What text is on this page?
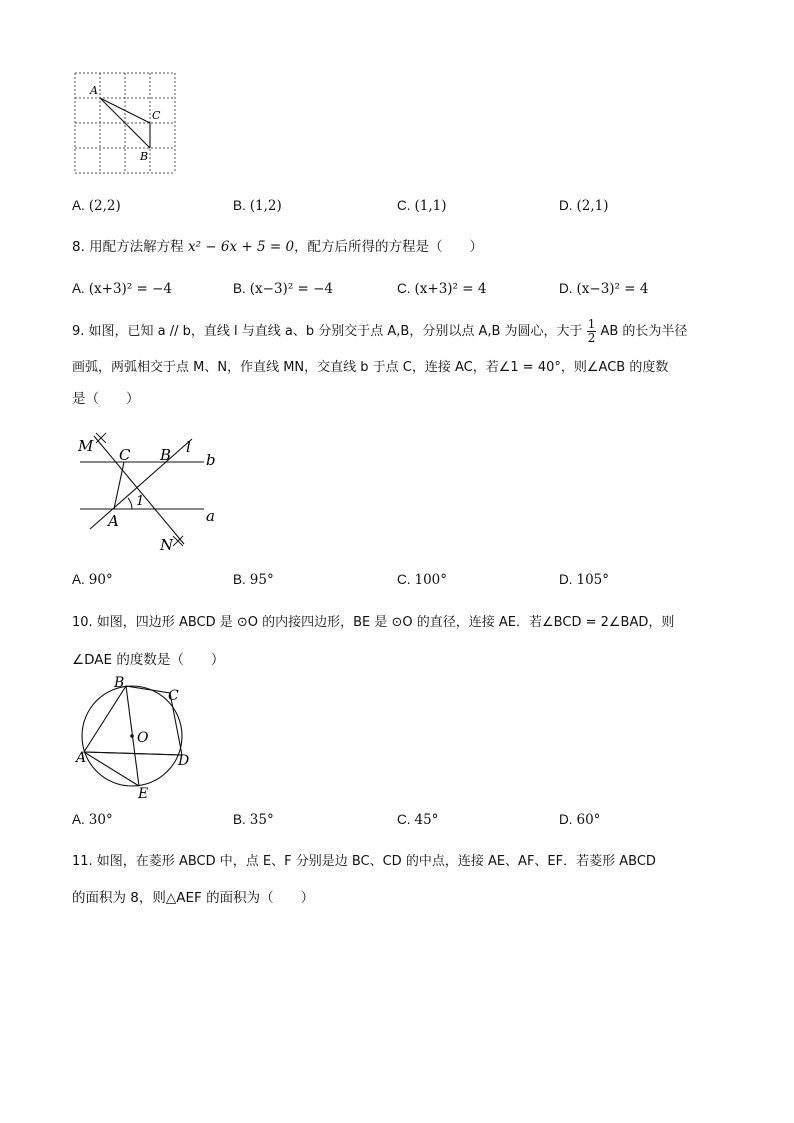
A
C
B
A. (2,2)	B. (1,2)	C. (1,1)	D. (2,1)
8. 用配方法解方程 x² − 6x + 5 = 0，配方后所得的方程是（　　）
A. (x+3)² = −4	B. (x−3)² = −4	C. (x+3)² = 4	D. (x−3)² = 4
9. 如图，已知 a // b，直线 l 与直线 a、b 分别交于点 A,B，分别以点 A,B 为圆心，大于 $\frac{1}{2}$ AB 的长为半径
画弧，两弧相交于点 M、N，作直线 MN，交直线 b 于点 C，连接 AC，若∠1 = 40°，则∠ACB 的度数
是（　　）
M C B l
b
1
A	a
N
A. 90°	B. 95°	C. 100°	D. 105°
10. 如图，四边形 ABCD 是 ⊙O 的内接四边形，BE 是 ⊙O 的直径，连接 AE．若∠BCD = 2∠BAD，则
∠DAE 的度数是（　　）
B
C
O
A	D
E
A. 30°	B. 35°	C. 45°	D. 60°
11. 如图，在菱形 ABCD 中，点 E、F 分别是边 BC、CD 的中点，连接 AE、AF、EF．若菱形 ABCD
的面积为 8，则△AEF 的面积为（　　）
